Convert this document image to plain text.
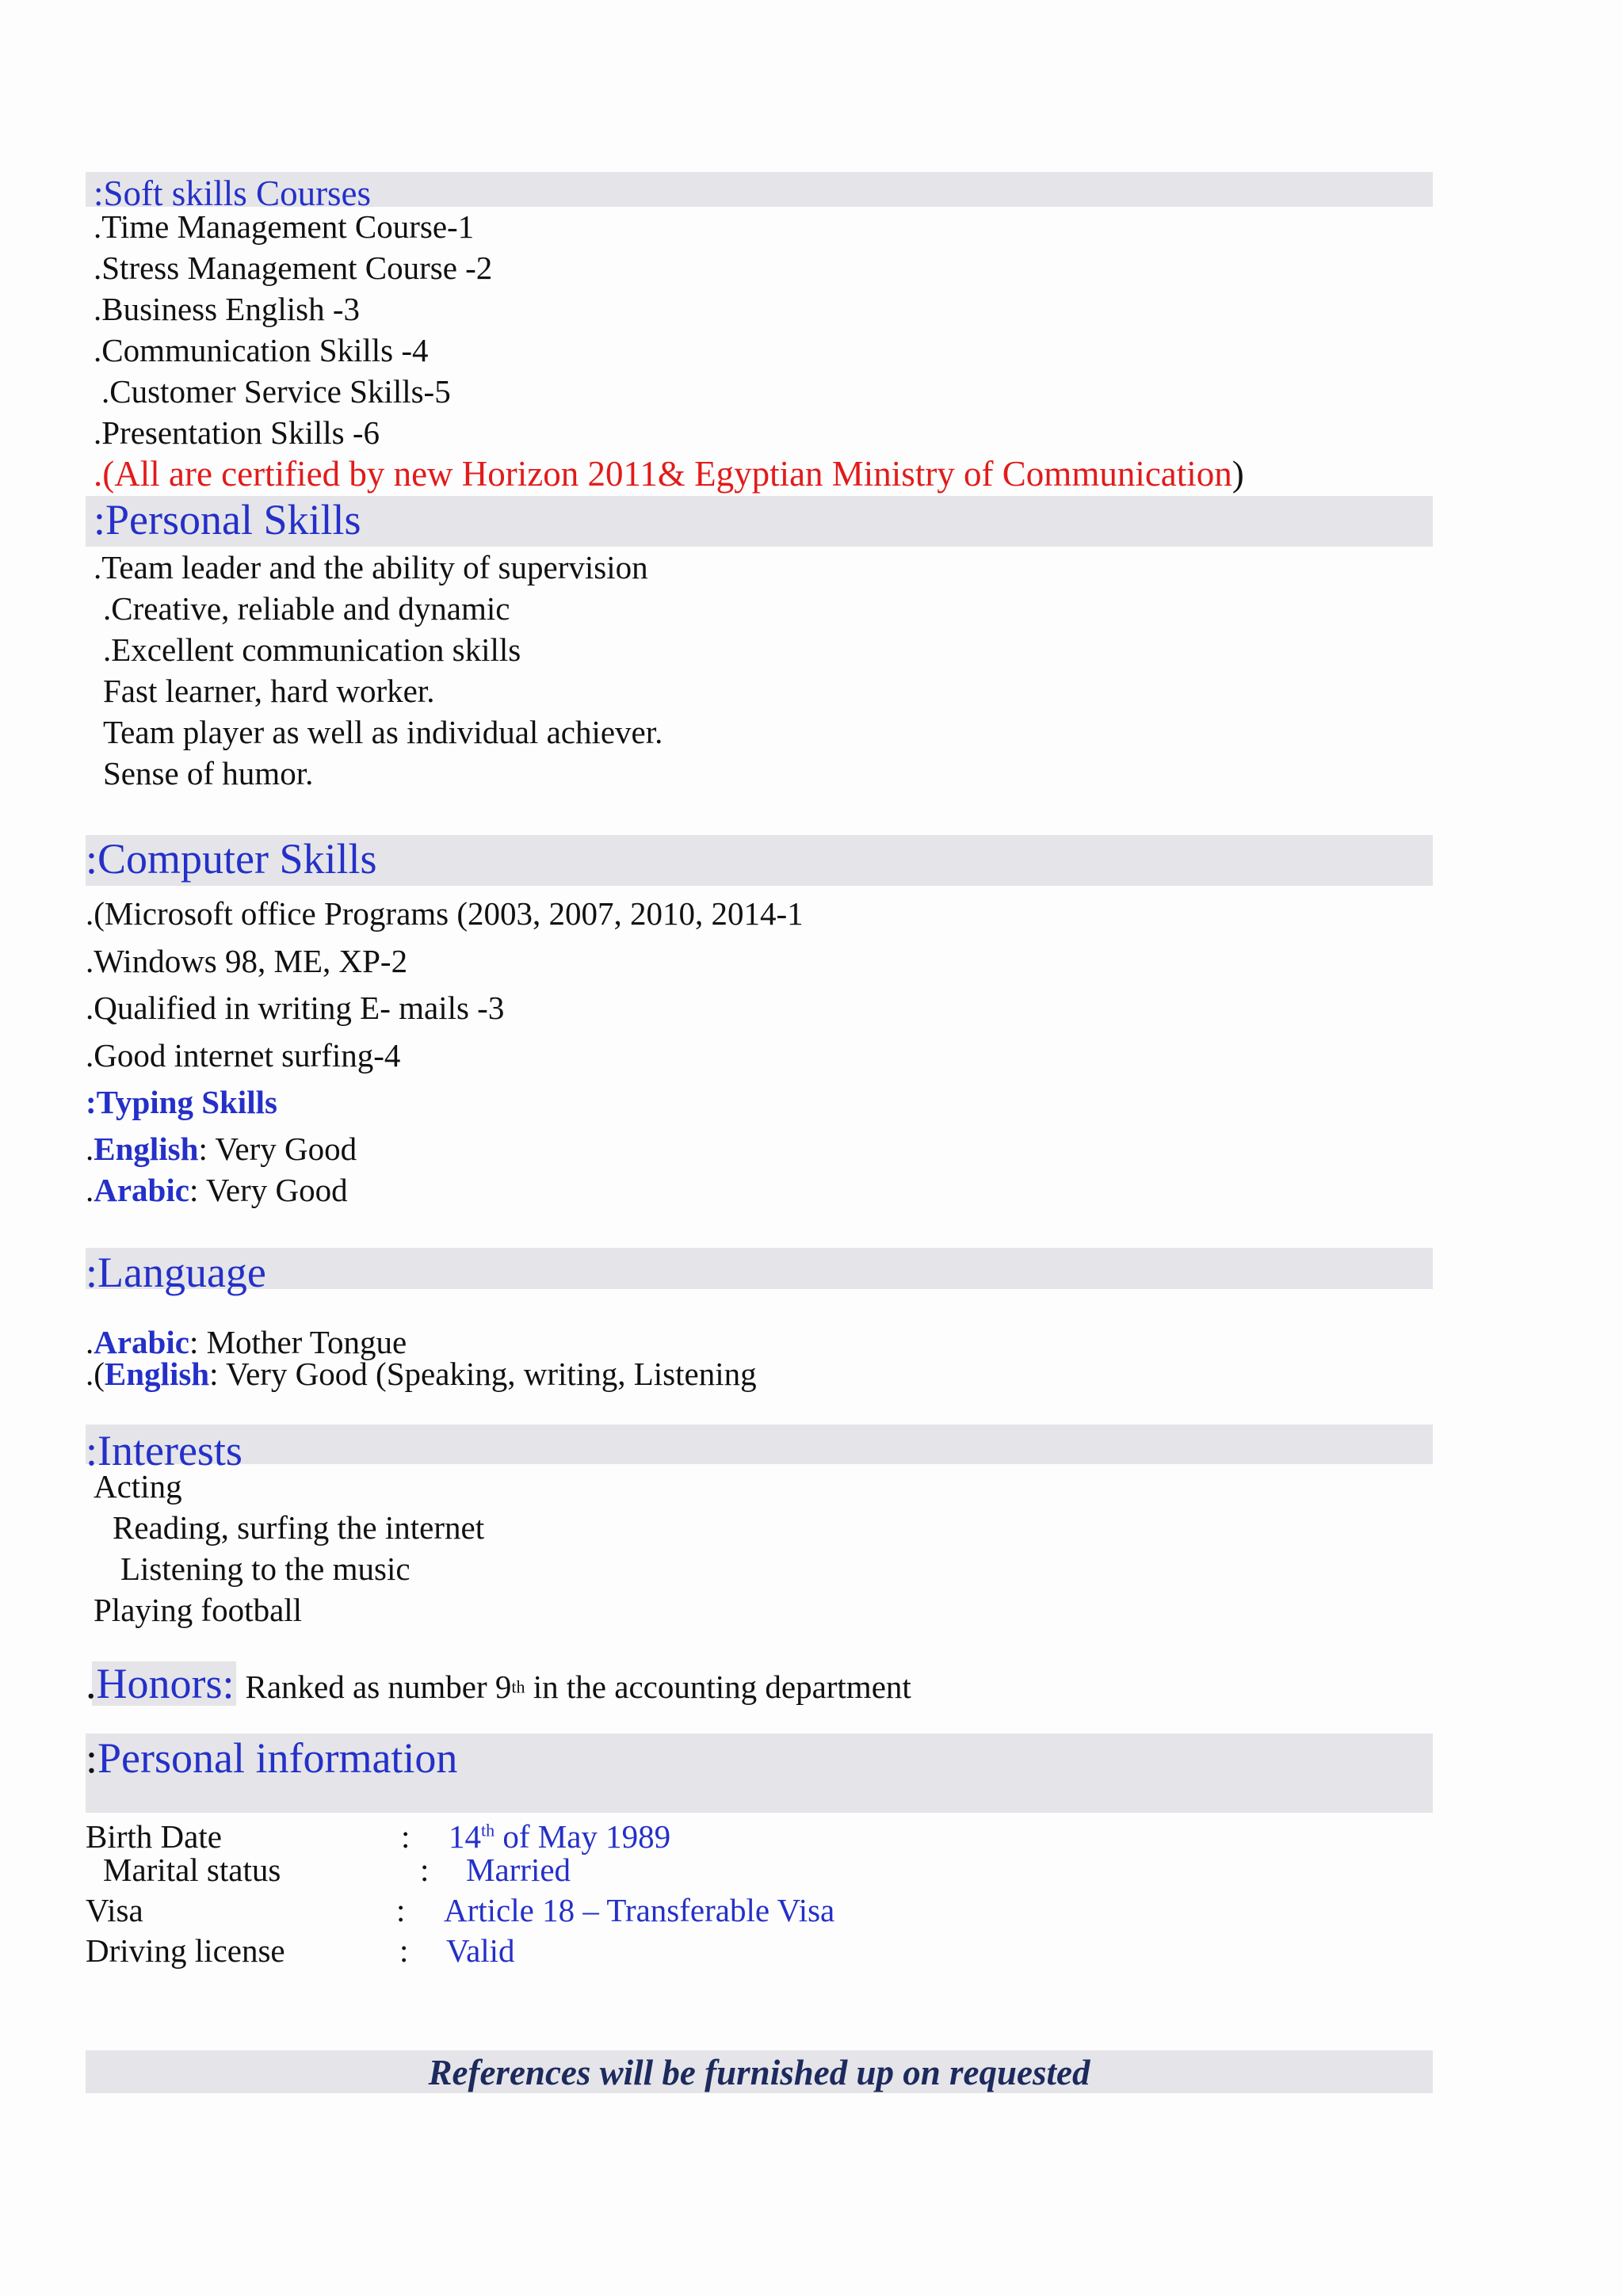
:Soft skills Courses
.Time Management Course-1
.Stress Management Course -2
.Business English -3
.Communication Skills -4
.Customer Service Skills-5
.Presentation Skills -6
.(All are certified by new Horizon 2011& Egyptian Ministry of Communication)
:Personal Skills
.Team leader and the ability of supervision
.Creative, reliable and dynamic
.Excellent communication skills
Fast learner, hard worker.
Team player as well as individual achiever.
Sense of humor.
:Computer Skills
.(Microsoft office Programs (2003, 2007, 2010, 2014-1
.Windows 98, ME, XP-2
.Qualified in writing E- mails -3
.Good internet surfing-4
:Typing Skills
.English: Very Good
.Arabic: Very Good
:Language
.Arabic: Mother Tongue
.(English: Very Good (Speaking, writing, Listening
:Interests
Acting
Reading, surfing the internet
Listening to the music
Playing football
.Honors: Ranked as number 9th in the accounting department
:Personal information
Birth Date	: 14th of May 1989
Marital status	: Married
Visa	: Article 18 – Transferable Visa
Driving license	: Valid
References will be furnished up on requested
